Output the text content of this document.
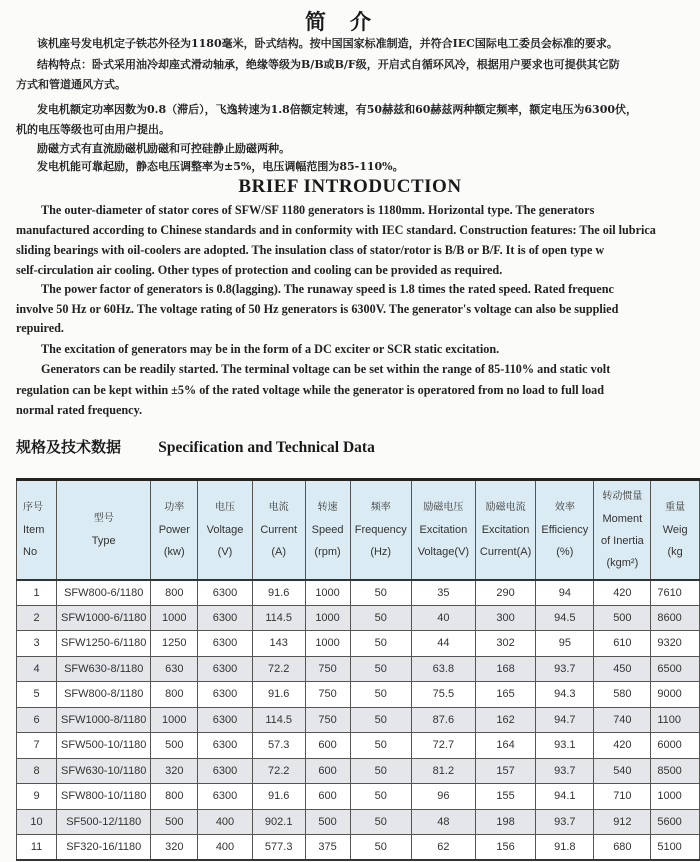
简介
该机座号发电机定子铁芯外径为1180毫米，卧式结构。按中国国家标准制造，并符合IEC国际电工委员会标准的要求。
结构特点：卧式采用油冷却座式滑动轴承，绝缘等级为B/B或B/F级，开启式自循环风冷，根据用户要求也可提供其它防
方式和管道通风方式。
发电机额定功率因数为0.8（滞后），飞逸转速为1.8倍额定转速，有50赫兹和60赫兹两种额定频率，额定电压为6300伏，
机的电压等级也可由用户提出。
励磁方式有直流励磁机励磁和可控硅静止励磁两种。
发电机能可靠起励，静态电压调整率为±5%，电压调幅范围为85-110%。
BRIEF INTRODUCTION
The outer-diameter of stator cores of SFW/SF 1180 generators is 1180mm. Horizontal type. The generators
manufactured according to Chinese standards and in conformity with IEC standard. Construction features: The oil lubrica
sliding bearings with oil-coolers are adopted. The insulation class of stator/rotor is B/B or B/F. It is of open type w
self-circulation air cooling. Other types of protection and cooling can be provided as required.
The power factor of generators is 0.8(lagging). The runaway speed is 1.8 times the rated speed. Rated frequenc
involve 50 Hz or 60Hz. The voltage rating of 50 Hz generators is 6300V. The generator's voltage can also be supplied
repuired.
The excitation of generators may be in the form of a DC exciter or SCR static excitation.
Generators can be readily started. The terminal voltage can be set within the range of 85-110% and static volt
regulation can be kept within ±5% of the rated voltage while the generator is operatored from no load to full load
normal rated frequency.
规格及技术数据 Specification and Technical Data
序号
Item
No	型号
Type	功率
Power
(kw)	电压
Voltage
(V)	电流
Current
(A)	转速
Speed
(rpm)	频率
Frequency
(Hz)	励磁电压
Excitation
Voltage(V)	励磁电流
Excitation
Current(A)	效率
Efficiency
(%)	转动惯量
Moment
of Inertia
(kgm²)	重量
Weig
(kg

1	SFW800-6/1180	800	6300	91.6	1000	50	35	290	94	420	7610
2	SFW1000-6/1180	1000	6300	114.5	1000	50	40	300	94.5	500	8600
3	SFW1250-6/1180	1250	6300	143	1000	50	44	302	95	610	9320
4	SFW630-8/1180	630	6300	72.2	750	50	63.8	168	93.7	450	6500
5	SFW800-8/1180	800	6300	91.6	750	50	75.5	165	94.3	580	9000
6	SFW1000-8/1180	1000	6300	114.5	750	50	87.6	162	94.7	740	1100
7	SFW500-10/1180	500	6300	57.3	600	50	72.7	164	93.1	420	6000
8	SFW630-10/1180	320	6300	72.2	600	50	81.2	157	93.7	540	8500
9	SFW800-10/1180	800	6300	91.6	600	50	96	155	94.1	710	1000
10	SF500-12/1180	500	400	902.1	500	50	48	198	93.7	912	5600
11	SF320-16/1180	320	400	577.3	375	50	62	156	91.8	680	5100
